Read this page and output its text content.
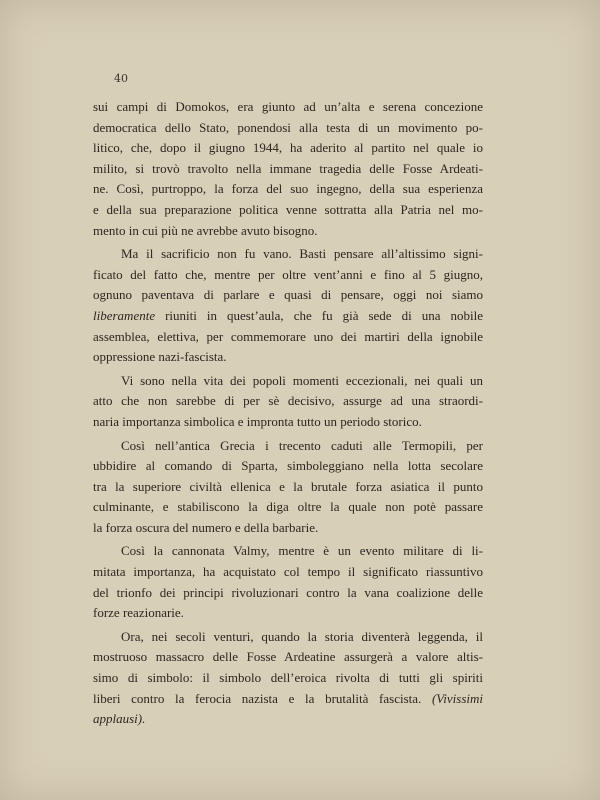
40
sui campi di Domokos, era giunto ad un’alta e serena concezione
democratica dello Stato, ponendosi alla testa di un movimento po-
litico, che, dopo il giugno 1944, ha aderito al partito nel quale io
milito, si trovò travolto nella immane tragedia delle Fosse Ardeati-
ne. Così, purtroppo, la forza del suo ingegno, della sua esperienza
e della sua preparazione politica venne sottratta alla Patria nel mo-
mento in cui più ne avrebbe avuto bisogno.
Ma il sacrificio non fu vano. Basti pensare all’altissimo signi-
ficato del fatto che, mentre per oltre vent’anni e fino al 5 giugno,
ognuno paventava di parlare e quasi di pensare, oggi noi siamo
liberamente riuniti in quest’aula, che fu già sede di una nobile
assemblea, elettiva, per commemorare uno dei martiri della ignobile
oppressione nazi-fascista.
Vi sono nella vita dei popoli momenti eccezionali, nei quali un
atto che non sarebbe di per sè decisivo, assurge ad una straordi-
naria importanza simbolica e impronta tutto un periodo storico.
Così nell’antica Grecia i trecento caduti alle Termopili, per
ubbidire al comando di Sparta, simboleggiano nella lotta secolare
tra la superiore civiltà ellenica e la brutale forza asiatica il punto
culminante, e stabiliscono la diga oltre la quale non potè passare
la forza oscura del numero e della barbarie.
Così la cannonata Valmy, mentre è un evento militare di li-
mitata importanza, ha acquistato col tempo il significato riassuntivo
del trionfo dei principi rivoluzionari contro la vana coalizione delle
forze reazionarie.
Ora, nei secoli venturi, quando la storia diventerà leggenda, il
mostruoso massacro delle Fosse Ardeatine assurgerà a valore altis-
simo di simbolo: il simbolo dell’eroica rivolta di tutti gli spiriti
liberi contro la ferocia nazista e la brutalità fascista. (Vivissimi
applausi).
